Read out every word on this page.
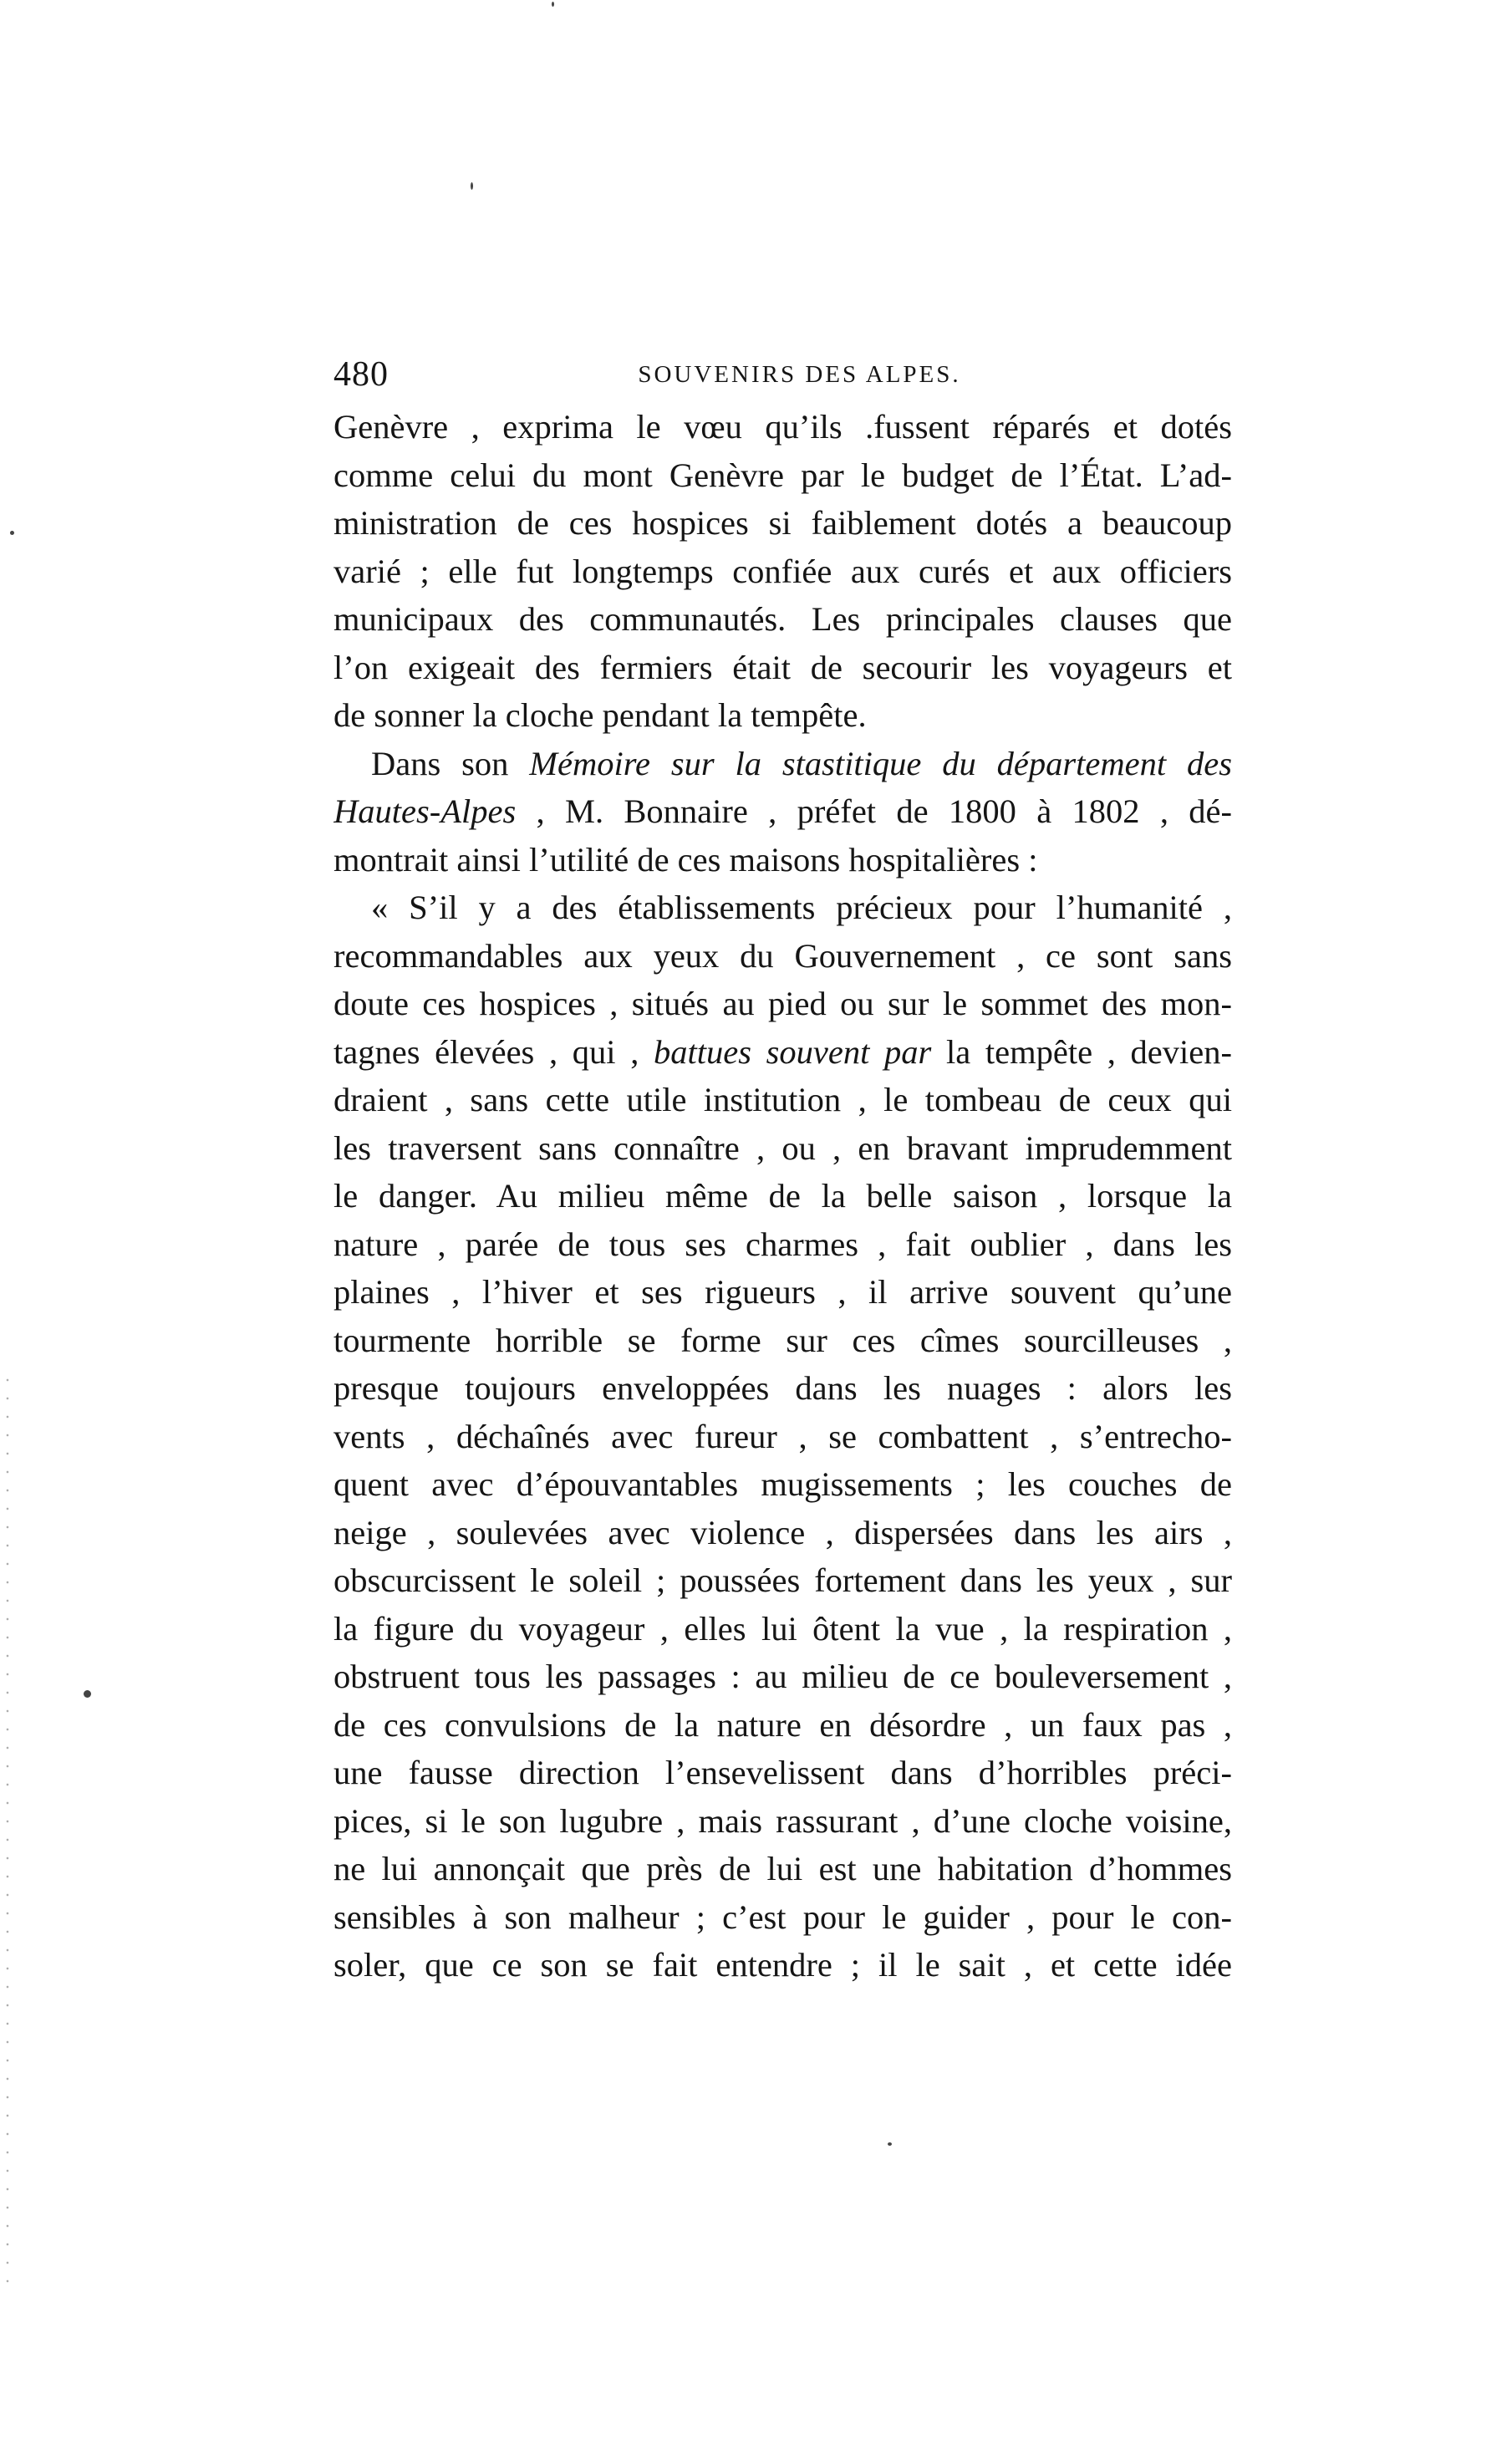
480	SOUVENIRS DES ALPES.
Genèvre , exprima le vœu qu’ils .fussent réparés et dotés
comme celui du mont Genèvre par le budget de l’État. L’ad-
ministration de ces hospices si faiblement dotés a beaucoup
varié ; elle fut longtemps confiée aux curés et aux officiers
municipaux des communautés. Les principales clauses que
l’on exigeait des fermiers était de secourir les voyageurs et
de sonner la cloche pendant la tempête.
Dans son Mémoire sur la stastitique du département des
Hautes-Alpes , M. Bonnaire , préfet de 1800 à 1802 , dé-
montrait ainsi l’utilité de ces maisons hospitalières :
« S’il y a des établissements précieux pour l’humanité ,
recommandables aux yeux du Gouvernement , ce sont sans
doute ces hospices , situés au pied ou sur le sommet des mon-
tagnes élevées , qui , battues souvent par la tempête , devien-
draient , sans cette utile institution , le tombeau de ceux qui
les traversent sans connaître , ou , en bravant imprudemment
le danger. Au milieu même de la belle saison , lorsque la
nature , parée de tous ses charmes , fait oublier , dans les
plaines , l’hiver et ses rigueurs , il arrive souvent qu’une
tourmente horrible se forme sur ces cîmes sourcilleuses ,
presque toujours enveloppées dans les nuages : alors les
vents , déchaînés avec fureur , se combattent , s’entrecho-
quent avec d’épouvantables mugissements ; les couches de
neige , soulevées avec violence , dispersées dans les airs ,
obscurcissent le soleil ; poussées fortement dans les yeux , sur
la figure du voyageur , elles lui ôtent la vue , la respiration ,
obstruent tous les passages : au milieu de ce bouleversement ,
de ces convulsions de la nature en désordre , un faux pas ,
une fausse direction l’ensevelissent dans d’horribles préci-
pices, si le son lugubre , mais rassurant , d’une cloche voisine,
ne lui annonçait que près de lui est une habitation d’hommes
sensibles à son malheur ; c’est pour le guider , pour le con-
soler, que ce son se fait entendre ; il le sait , et cette idée
